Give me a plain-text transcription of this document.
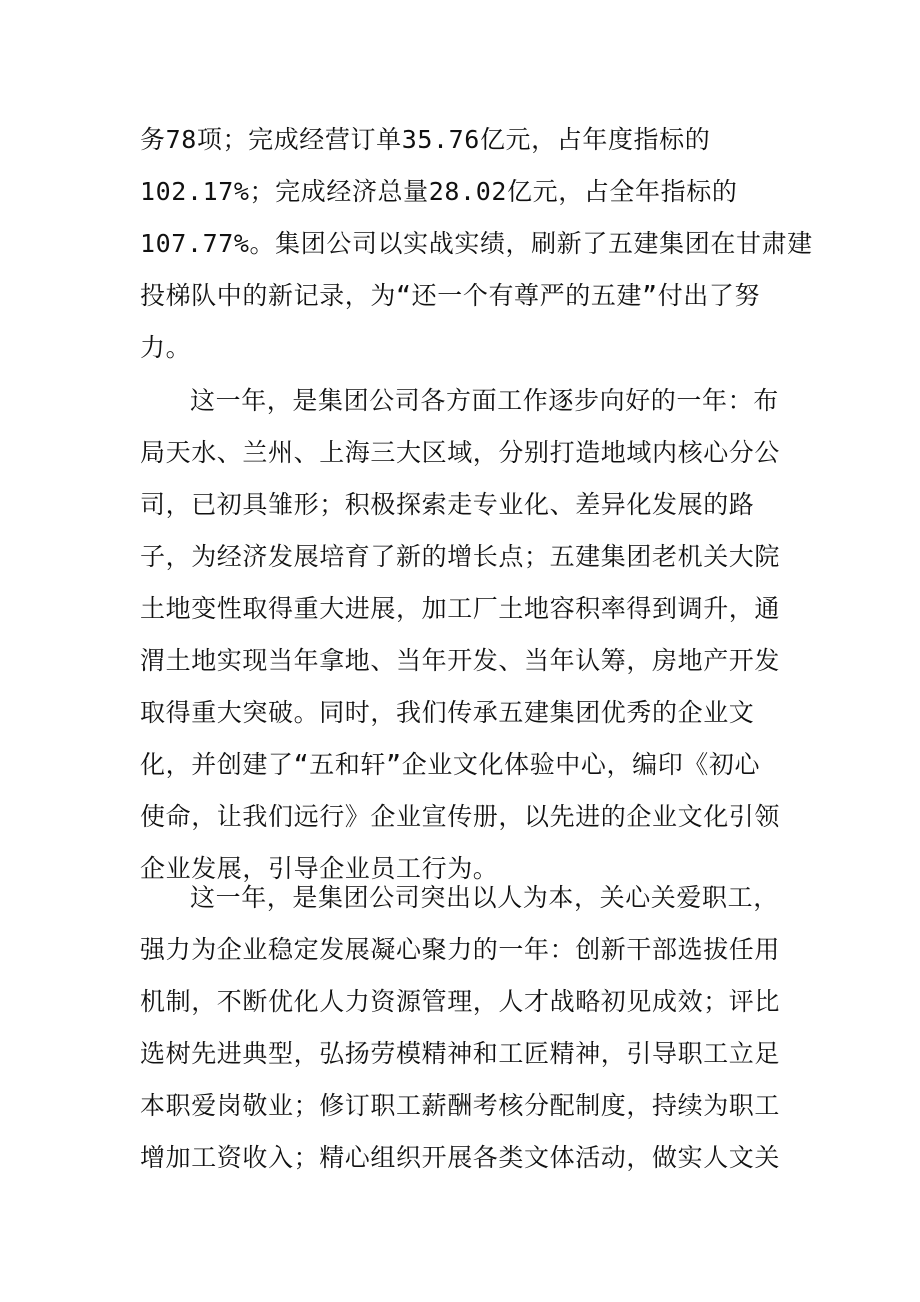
务78项；完成经营订单35.76亿元，占年度指标的
102.17%；完成经济总量28.02亿元，占全年指标的
107.77%。集团公司以实战实绩，刷新了五建集团在甘肃建
投梯队中的新记录，为“还一个有尊严的五建”付出了努
力。
这一年，是集团公司各方面工作逐步向好的一年：布
局天水、兰州、上海三大区域，分别打造地域内核心分公
司，已初具雏形；积极探索走专业化、差异化发展的路
子，为经济发展培育了新的增长点；五建集团老机关大院
土地变性取得重大进展，加工厂土地容积率得到调升，通
渭土地实现当年拿地、当年开发、当年认筹，房地产开发
取得重大突破。同时，我们传承五建集团优秀的企业文
化，并创建了“五和轩”企业文化体验中心，编印《初心
使命，让我们远行》企业宣传册，以先进的企业文化引领
企业发展，引导企业员工行为。
这一年，是集团公司突出以人为本，关心关爱职工，
强力为企业稳定发展凝心聚力的一年：创新干部选拔任用
机制，不断优化人力资源管理，人才战略初见成效；评比
选树先进典型，弘扬劳模精神和工匠精神，引导职工立足
本职爱岗敬业；修订职工薪酬考核分配制度，持续为职工
增加工资收入；精心组织开展各类文体活动，做实人文关
